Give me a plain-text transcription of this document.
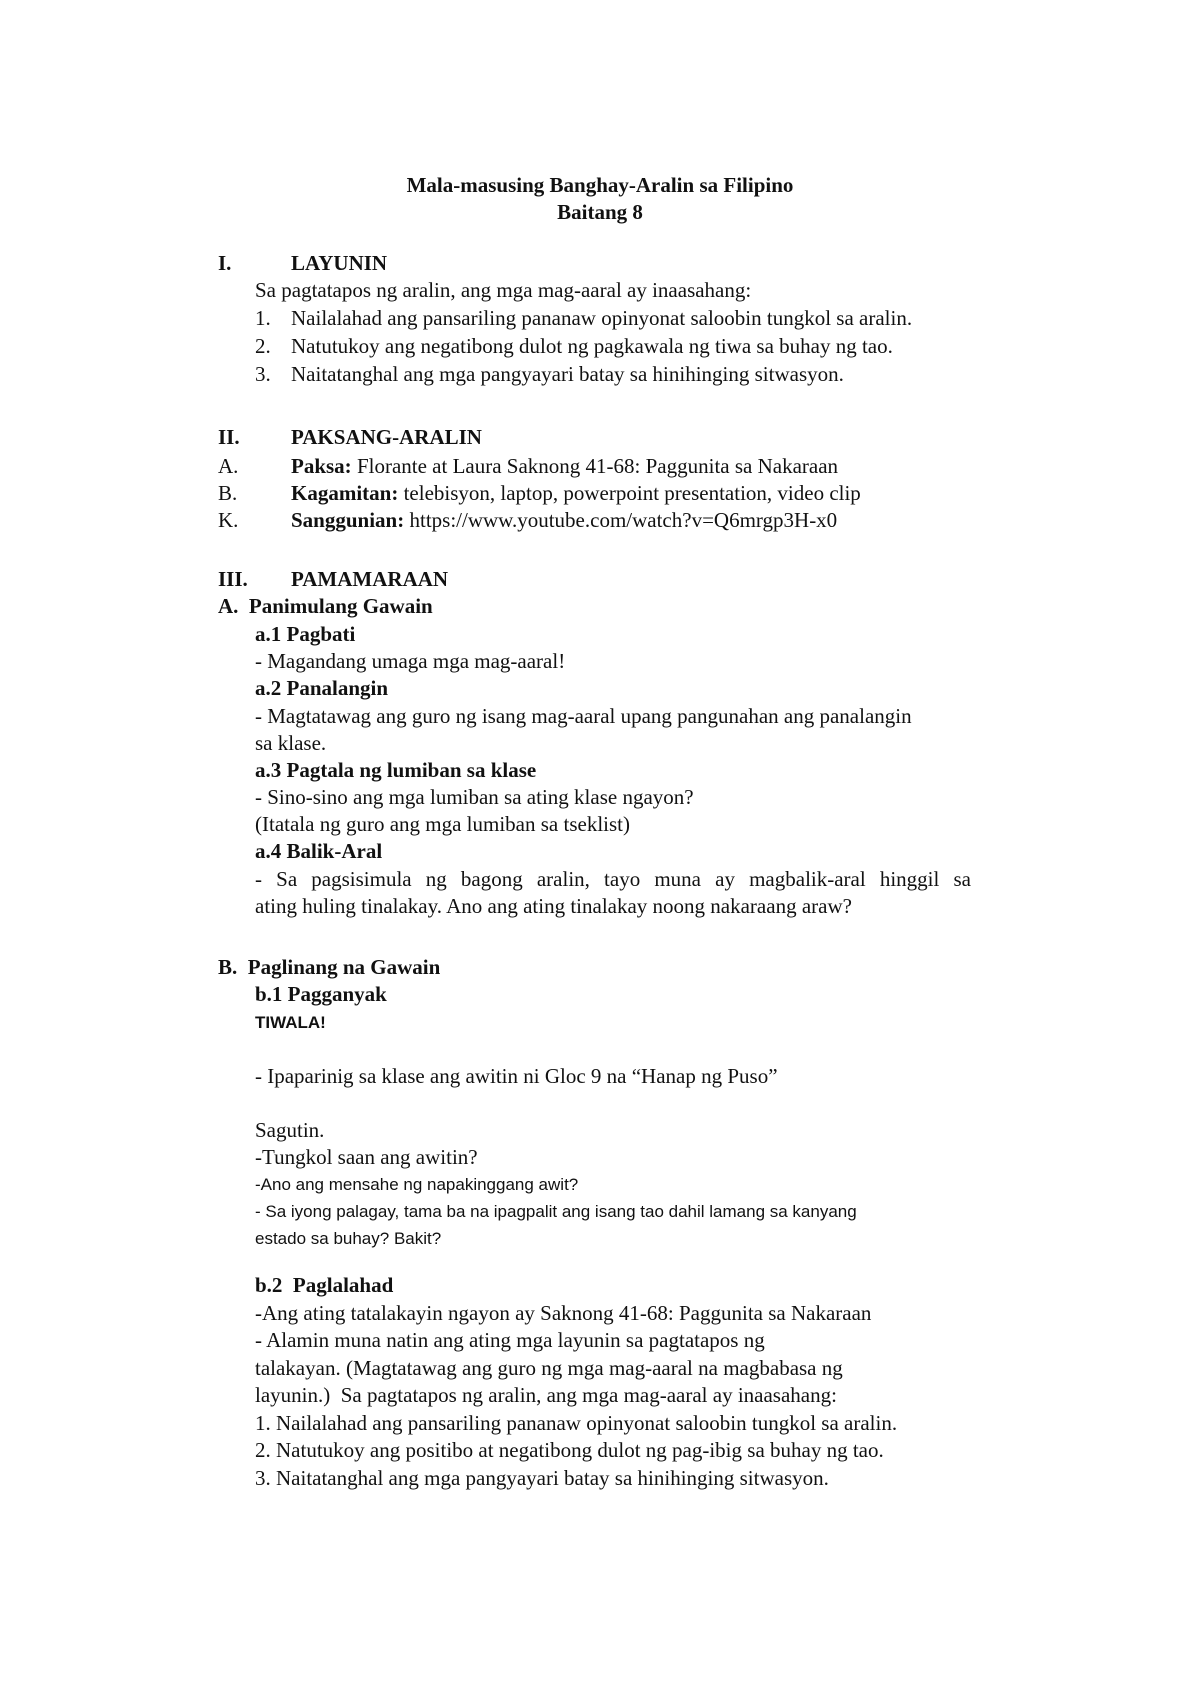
Mala-masusing Banghay-Aralin sa Filipino
Baitang 8
I.	LAYUNIN
Sa pagtatapos ng aralin, ang mga mag-aaral ay inaasahang:
1. Nailalahad ang pansariling pananaw opinyonat saloobin tungkol sa aralin.
2. Natutukoy ang negatibong dulot ng pagkawala ng tiwa sa buhay ng tao.
3. Naitatanghal ang mga pangyayari batay sa hinihinging sitwasyon.
II. PAKSANG-ARALIN
A.	Paksa: Florante at Laura Saknong 41-68: Paggunita sa Nakaraan
B.	Kagamitan: telebisyon, laptop, powerpoint presentation, video clip
K.	Sanggunian: https://www.youtube.com/watch?v=Q6mrgp3H-x0
III. PAMAMARAAN
A.  Panimulang Gawain
a.1 Pagbati
- Magandang umaga mga mag-aaral!
a.2 Panalangin
- Magtatawag ang guro ng isang mag-aaral upang pangunahan ang panalangin
sa klase.
a.3 Pagtala ng lumiban sa klase
- Sino-sino ang mga lumiban sa ating klase ngayon?
(Itatala ng guro ang mga lumiban sa tseklist)
a.4 Balik-Aral
- Sa pagsisimula ng bagong aralin, tayo muna ay magbalik-aral hinggil sa
ating huling tinalakay. Ano ang ating tinalakay noong nakaraang araw?
B.  Paglinang na Gawain
b.1 Pagganyak
TIWALA!
- Ipaparinig sa klase ang awitin ni Gloc 9 na “Hanap ng Puso”
Sagutin.
-Tungkol saan ang awitin?
-Ano ang mensahe ng napakinggang awit?
- Sa iyong palagay, tama ba na ipagpalit ang isang tao dahil lamang sa kanyang
estado sa buhay? Bakit?
b.2  Paglalahad
-Ang ating tatalakayin ngayon ay Saknong 41-68: Paggunita sa Nakaraan
- Alamin muna natin ang ating mga layunin sa pagtatapos ng
talakayan. (Magtatawag ang guro ng mga mag-aaral na magbabasa ng
layunin.)  Sa pagtatapos ng aralin, ang mga mag-aaral ay inaasahang:
1. Nailalahad ang pansariling pananaw opinyonat saloobin tungkol sa aralin.
2. Natutukoy ang positibo at negatibong dulot ng pag-ibig sa buhay ng tao.
3. Naitatanghal ang mga pangyayari batay sa hinihinging sitwasyon.
